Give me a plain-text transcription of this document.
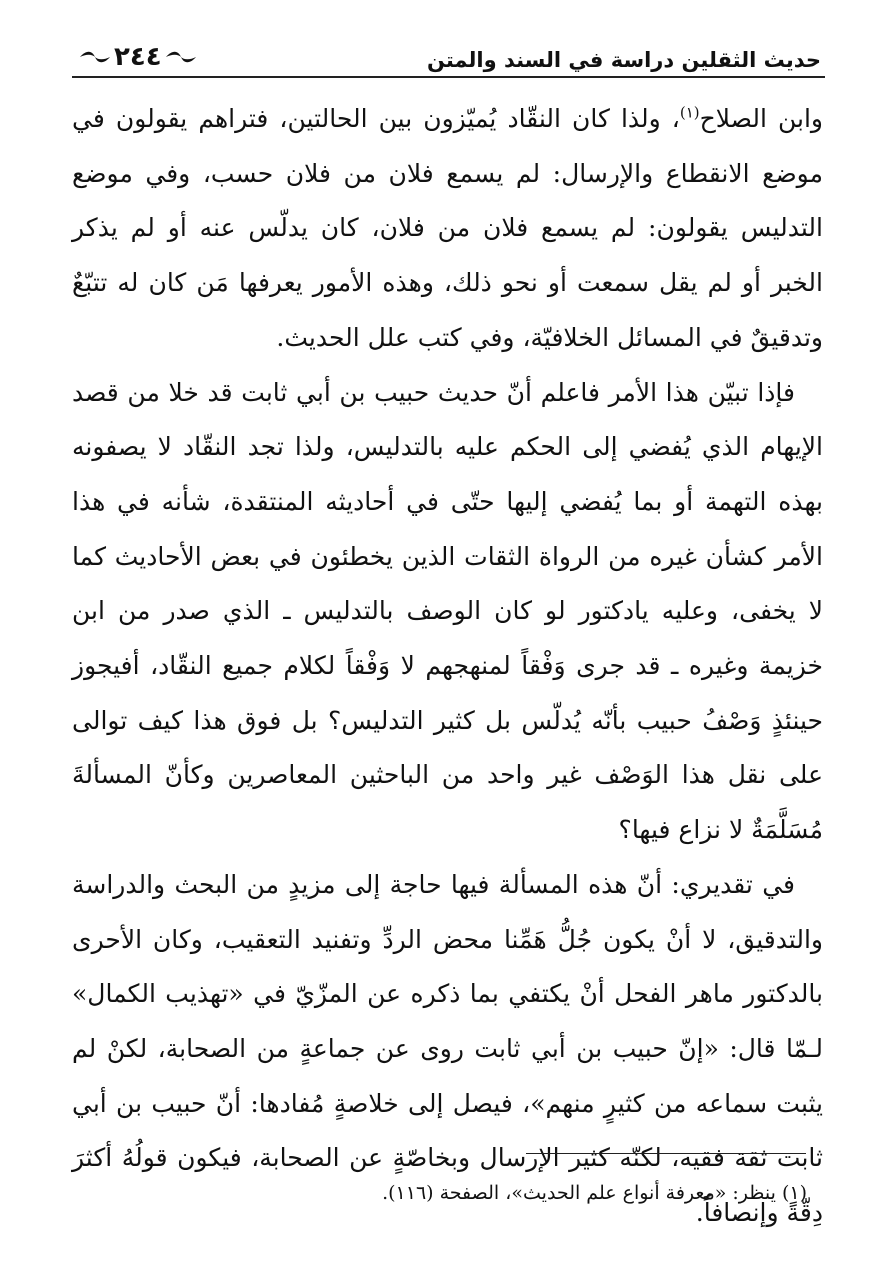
حديث الثقلين دراسة في السند والمتن
٢٤٤

وابن الصلاح$^{(١)}$، ولذا كان النقّاد يُميّزون بين الحالتين، فتراهم يقولون في موضع الانقطاع والإرسال: لم يسمع فلان من فلان حسب، وفي موضع التدليس يقولون: لم يسمع فلان من فلان، كان يدلّس عنه أو لم يذكر الخبر أو لم يقل سمعت أو نحو ذلك، وهذه الأمور يعرفها مَن كان له تتبّعٌ وتدقيقٌ في المسائل الخلافيّة، وفي كتب علل الحديث.

فإذا تبيّن هذا الأمر فاعلم أنّ حديث حبيب بن أبي ثابت قد خلا من قصد الإيهام الذي يُفضي إلى الحكم عليه بالتدليس، ولذا تجد النقّاد لا يصفونه بهذه التهمة أو بما يُفضي إليها حتّى في أحاديثه المنتقدة، شأنه في هذا الأمر كشأن غيره من الرواة الثقات الذين يخطئون في بعض الأحاديث كما لا يخفى، وعليه يادكتور لو كان الوصف بالتدليس ـ الذي صدر من ابن خزيمة وغيره ـ قد جرى وَفْقاً لمنهجهم لا وَفْقاً لكلام جميع النقّاد، أفيجوز حينئذٍ وَصْفُ حبيب بأنّه يُدلّس بل كثير التدليس؟ بل فوق هذا كيف توالى على نقل هذا الوَصْف غير واحد من الباحثين المعاصرين وكأنّ المسألةَ مُسَلَّمَةٌ لا نزاع فيها؟

في تقديري: أنّ هذه المسألة فيها حاجة إلى مزيدٍ من البحث والدراسة والتدقيق، لا أنْ يكون جُلُّ هَمِّنا محض الردِّ وتفنيد التعقيب، وكان الأحرى بالدكتور ماهر الفحل أنْ يكتفي بما ذكره عن المزّيّ في «تهذيب الكمال» لـمّا قال: «إنّ حبيب بن أبي ثابت روى عن جماعةٍ من الصحابة، لكنْ لم يثبت سماعه من كثيرٍ منهم»، فيصل إلى خلاصةٍ مُفادها: أنّ حبيب بن أبي ثابت ثقة فقيه، لكنّه كثير الإرسال وبخاصّةٍ عن الصحابة، فيكون قولُهُ أكثرَ دِقّةً وإنصافاً.

(١) ينظر: «معرفة أنواع علم الحديث»، الصفحة (١١٦).
